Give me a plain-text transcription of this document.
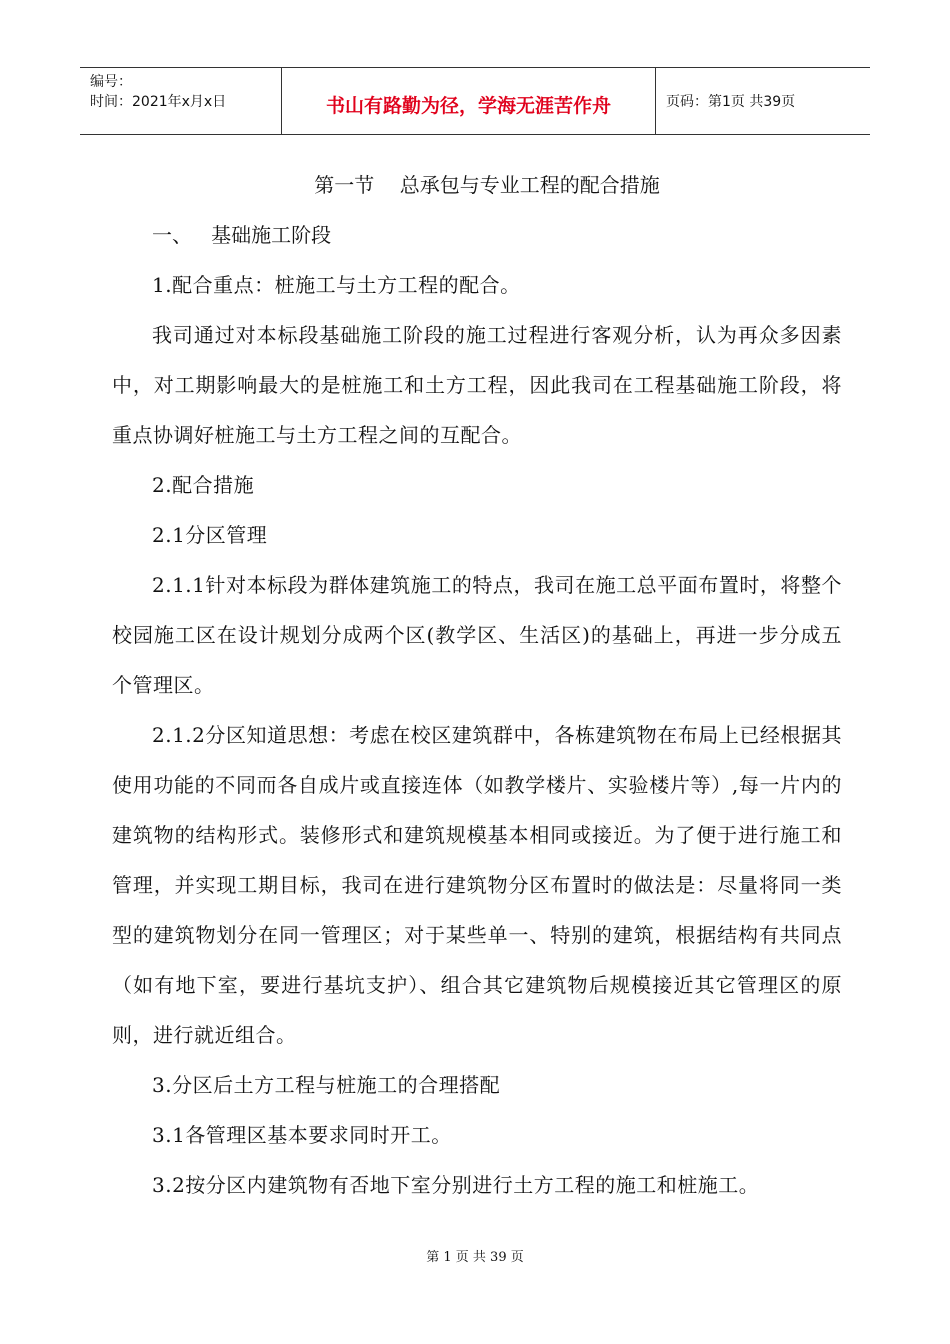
编号：
时间：2021年x月x日	书山有路勤为径，学海无涯苦作舟	页码：第1页 共39页
第一节    总承包与专业工程的配合措施
一、   基础施工阶段

1.配合重点：桩施工与土方工程的配合。

我司通过对本标段基础施工阶段的施工过程进行客观分析，认为再众多因素中，对工期影响最大的是桩施工和土方工程，因此我司在工程基础施工阶段，将重点协调好桩施工与土方工程之间的互配合。

2.配合措施

2.1分区管理

2.1.1针对本标段为群体建筑施工的特点，我司在施工总平面布置时，将整个校园施工区在设计规划分成两个区(教学区、生活区)的基础上，再进一步分成五个管理区。

2.1.2分区知道思想：考虑在校区建筑群中，各栋建筑物在布局上已经根据其使用功能的不同而各自成片或直接连体（如教学楼片、实验楼片等）,每一片内的建筑物的结构形式。装修形式和建筑规模基本相同或接近。为了便于进行施工和管理，并实现工期目标，我司在进行建筑物分区布置时的做法是：尽量将同一类型的建筑物划分在同一管理区；对于某些单一、特别的建筑，根据结构有共同点（如有地下室，要进行基坑支护）、组合其它建筑物后规模接近其它管理区的原则，进行就近组合。

3.分区后土方工程与桩施工的合理搭配

3.1各管理区基本要求同时开工。

3.2按分区内建筑物有否地下室分别进行土方工程的施工和桩施工。

第 1 页 共 39 页
